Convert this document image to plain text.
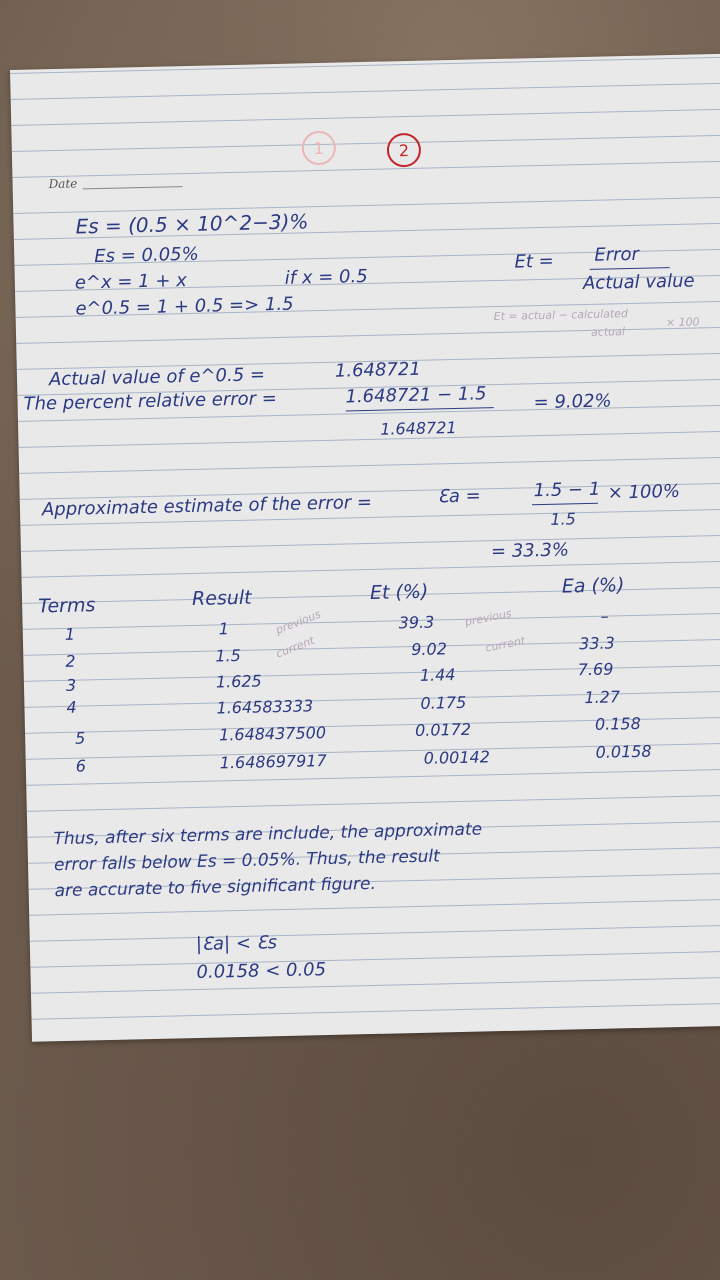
1	2
Date
Es = (0.5 × 10^2−3)%
Es = 0.05%
e^x = 1 + x	if x = 0.5
e^0.5 = 1 + 0.5 => 1.5
Et = Error
Actual value
Et = actual − calculated
actual
× 100
Actual value of e^0.5 =	1.648721
The percent relative error =	1.648721 − 1.5
1.648721
= 9.02%
Approximate estimate of the error =	Ɛa =	1.5 − 1 × 100%
1.5
= 33.3%
Terms	Result	Et (%)	Ea (%)
previous
current
previous
current
1	1	39.3	–
2	1.5	9.02	33.3
3	1.625	1.44	7.69
4	1.64583333	0.175	1.27
5	1.648437500	0.0172	0.158
6	1.648697917	0.00142	0.0158
Thus, after six terms are include, the approximate
error falls below Es = 0.05%. Thus, the result
are accurate to five significant figure.
|Ɛa| < Ɛs
0.0158 < 0.05
